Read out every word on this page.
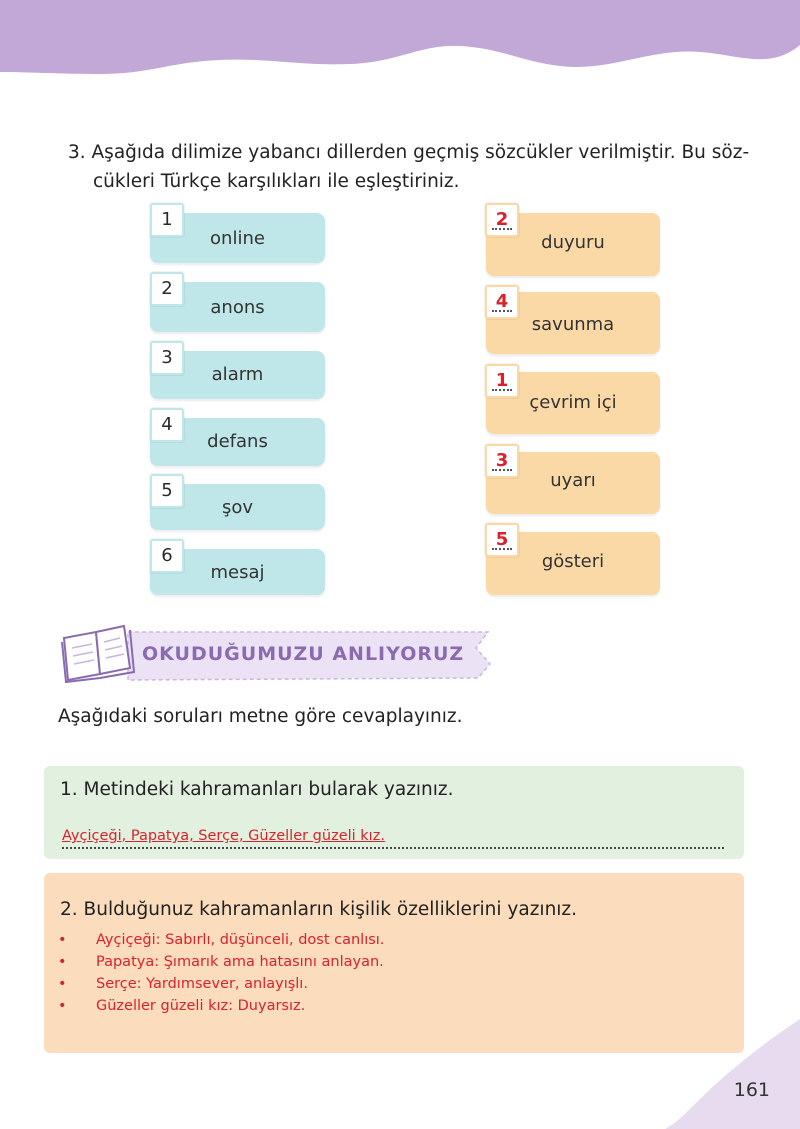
3. Aşağıda dilimize yabancı dillerden geçmiş sözcükler verilmiştir. Bu söz-
cükleri Türkçe karşılıkları ile eşleştiriniz.
online
1
anons
2
alarm
3
defans
4
şov
5
mesaj
6
duyuru
2
savunma
4
çevrim içi
1
uyarı
3
gösteri
5
OKUDUĞUMUZU ANLIYORUZ
Aşağıdaki soruları metne göre cevaplayınız.
1. Metindeki kahramanları bularak yazınız.
Ayçiçeği, Papatya, Serçe, Güzeller güzeli kız.
2. Bulduğunuz kahramanların kişilik özelliklerini yazınız.
• Ayçiçeği: Sabırlı, düşünceli, dost canlısı.
• Papatya: Şımarık ama hatasını anlayan.
• Serçe: Yardımsever, anlayışlı.
• Güzeller güzeli kız: Duyarsız.
161
